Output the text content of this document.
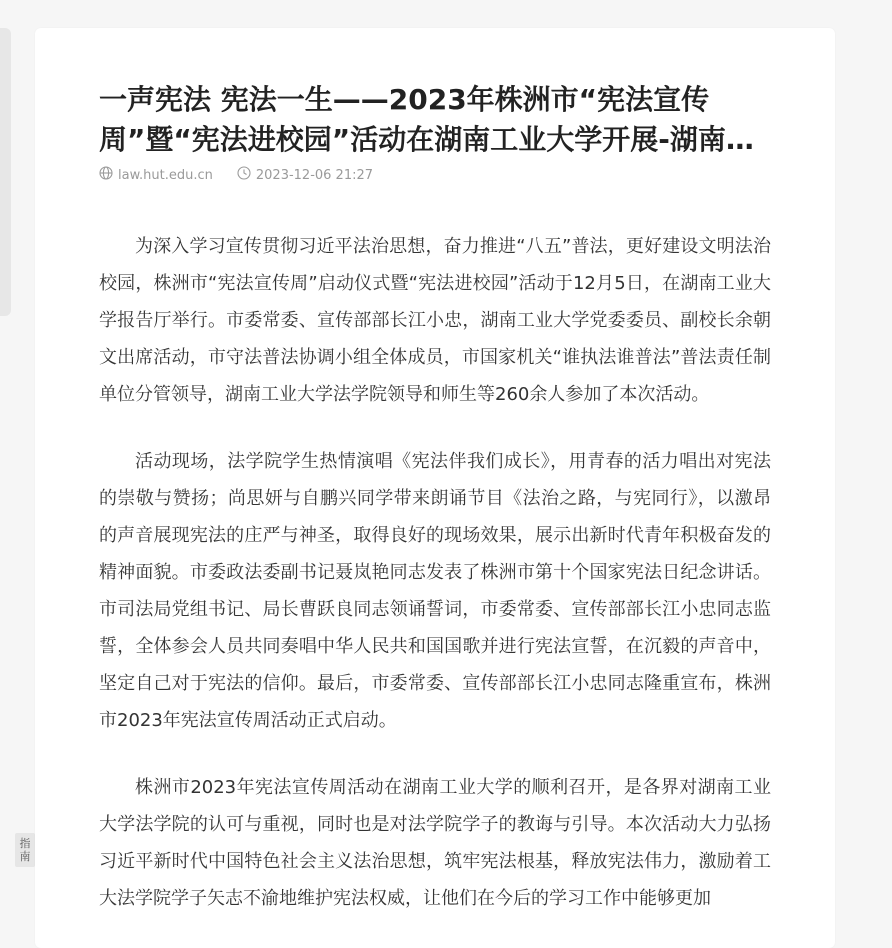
指南
一声宪法 宪法一生——2023年株洲市“宪法宣传周”暨“宪法进校园”活动在湖南工业大学开展-湖南工
law.hut.edu.cn	2023-12-06 21:27

为深入学习宣传贯彻习近平法治思想，奋力推进“八五”普法，更好建设文明法治校园，株洲市“宪法宣传周”启动仪式暨“宪法进校园”活动于12月5日，在湖南工业大学报告厅举行。市委常委、宣传部部长江小忠，湖南工业大学党委委员、副校长余朝文出席活动，市守法普法协调小组全体成员，市国家机关“谁执法谁普法”普法责任制单位分管领导，湖南工业大学法学院领导和师生等260余人参加了本次活动。

活动现场，法学院学生热情演唱《宪法伴我们成长》，用青春的活力唱出对宪法的崇敬与赞扬；尚思妍与自鹏兴同学带来朗诵节目《法治之路，与宪同行》，以激昂的声音展现宪法的庄严与神圣，取得良好的现场效果，展示出新时代青年积极奋发的精神面貌。市委政法委副书记聂岚艳同志发表了株洲市第十个国家宪法日纪念讲话。市司法局党组书记、局长曹跃良同志领诵誓词，市委常委、宣传部部长江小忠同志监誓，全体参会人员共同奏唱中华人民共和国国歌并进行宪法宣誓，在沉毅的声音中，坚定自己对于宪法的信仰。最后，市委常委、宣传部部长江小忠同志隆重宣布，株洲市2023年宪法宣传周活动正式启动。

株洲市2023年宪法宣传周活动在湖南工业大学的顺利召开，是各界对湖南工业大学法学院的认可与重视，同时也是对法学院学子的教诲与引导。本次活动大力弘扬习近平新时代中国特色社会主义法治思想，筑牢宪法根基，释放宪法伟力，激励着工大法学院学子矢志不渝地维护宪法权威，让他们在今后的学习工作中能够更加
